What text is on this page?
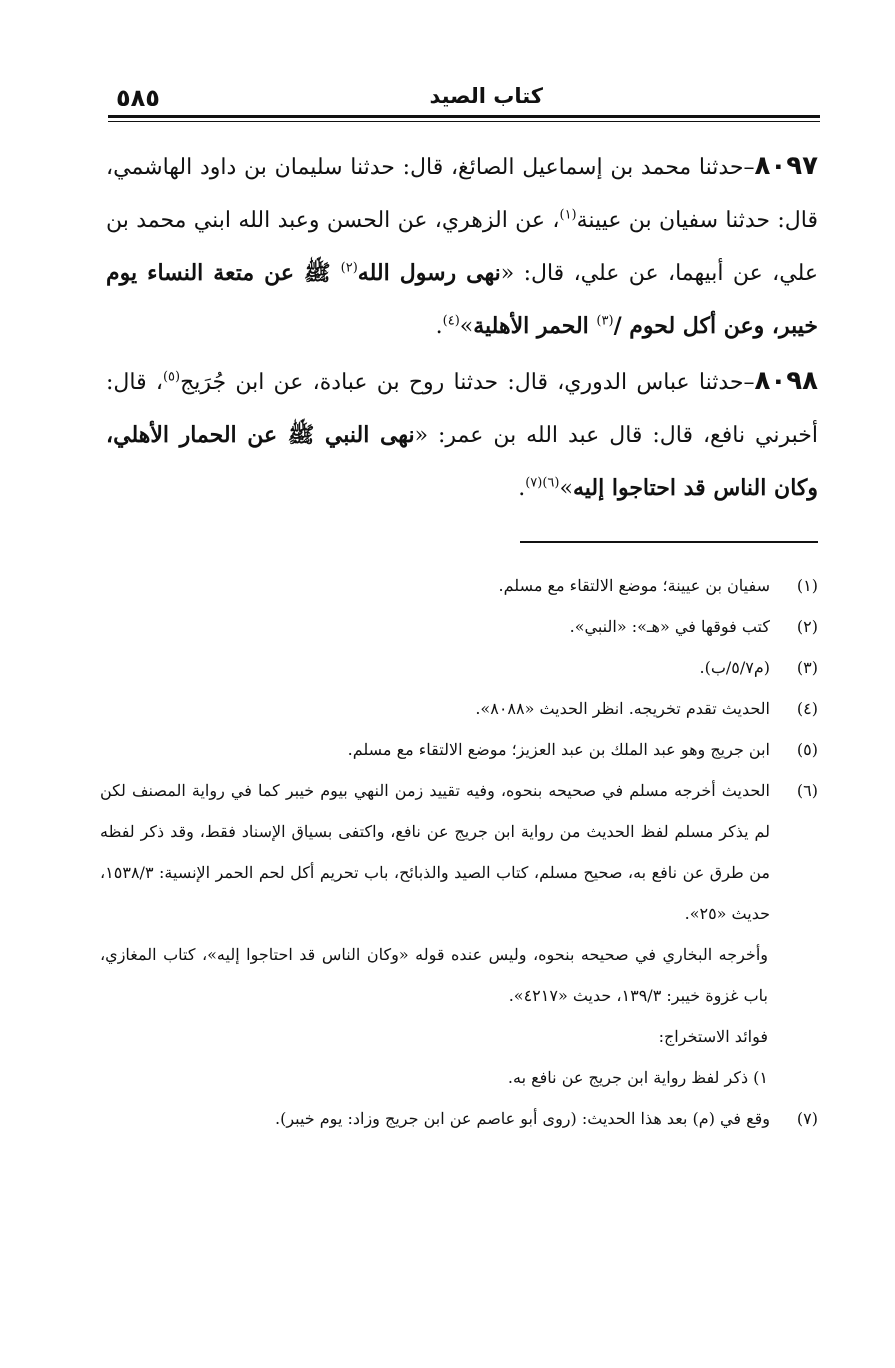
٥٨٥	كتاب الصيد

٨٠٩٧–حدثنا محمد بن إسماعيل الصائغ، قال: حدثنا سليمان بن داود الهاشمي، قال: حدثنا سفيان بن عيينة$^{(١)}$، عن الزهري، عن الحسن وعبد الله ابني محمد بن علي، عن أبيهما، عن علي، قال: «نهى رسول الله$^{(٢)}$ ﷺ عن متعة النساء يوم خيبر، وعن أكل لحوم /$^{(٣)}$ الحمر الأهلية»$^{(٤)}$.

٨٠٩٨–حدثنا عباس الدوري، قال: حدثنا روح بن عبادة، عن ابن جُرَيج$^{(٥)}$، قال: أخبرني نافع، قال: قال عبد الله بن عمر: «نهى النبي ﷺ عن الحمار الأهلي، وكان الناس قد احتاجوا إليه»$^{(٦)(٧)}$.

(١)
سفيان بن عيينة؛ موضع الالتقاء مع مسلم.
(٢)
كتب فوقها في «هـ»: «النبي».
(٣)
(م٥/٧/ب).
(٤)
الحديث تقدم تخريجه. انظر الحديث «٨٠٨٨».
(٥)
ابن جريج وهو عبد الملك بن عبد العزيز؛ موضع الالتقاء مع مسلم.
(٦)
الحديث أخرجه مسلم في صحيحه بنحوه، وفيه تقييد زمن النهي بيوم خيبر كما في رواية المصنف لكن لم يذكر مسلم لفظ الحديث من رواية ابن جريج عن نافع، واكتفى بسياق الإسناد فقط، وقد ذكر لفظه من طرق عن نافع به، صحيح مسلم، كتاب الصيد والذبائح، باب تحريم أكل لحم الحمر الإنسية: ١٥٣٨/٣، حديث «٢٥».
وأخرجه البخاري في صحيحه بنحوه، وليس عنده قوله «وكان الناس قد احتاجوا إليه»، كتاب المغازي، باب غزوة خيبر: ١٣٩/٣، حديث «٤٢١٧».
فوائد الاستخراج:
١) ذكر لفظ رواية ابن جريج عن نافع به.
(٧)
وقع في (م) بعد هذا الحديث: (روى أبو عاصم عن ابن جريج وزاد: يوم خيبر).
